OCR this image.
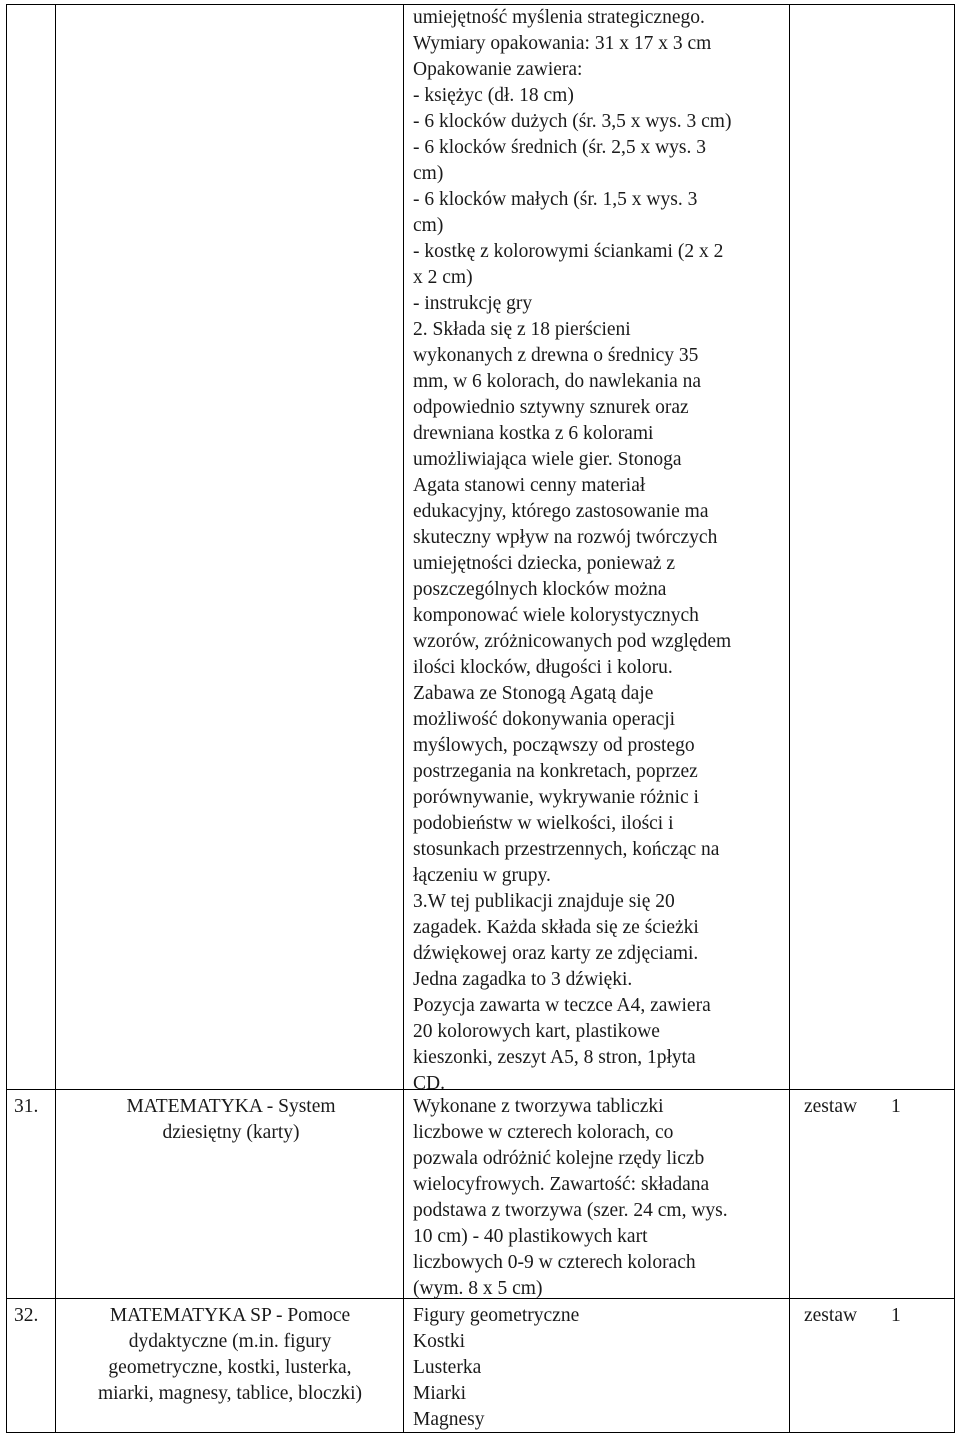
umiejętność myślenia strategicznego.
Wymiary opakowania: 31 x 17 x 3 cm
Opakowanie zawiera:
- księżyc (dł. 18 cm)
- 6 klocków dużych (śr. 3,5 x wys. 3 cm)
- 6 klocków średnich (śr. 2,5 x wys. 3
cm)
- 6 klocków małych (śr. 1,5 x wys. 3
cm)
- kostkę z kolorowymi ściankami (2 x 2
x 2 cm)
- instrukcję gry
2. Składa się z 18 pierścieni
wykonanych z drewna o średnicy 35
mm, w 6 kolorach, do nawlekania na
odpowiednio sztywny sznurek oraz
drewniana kostka z 6 kolorami
umożliwiająca wiele gier. Stonoga
Agata stanowi cenny materiał
edukacyjny, którego zastosowanie ma
skuteczny wpływ na rozwój twórczych
umiejętności dziecka, ponieważ z
poszczególnych klocków można
komponować wiele kolorystycznych
wzorów, zróżnicowanych pod względem
ilości klocków, długości i koloru.
Zabawa ze Stonogą Agatą daje
możliwość dokonywania operacji
myślowych, począwszy od prostego
postrzegania na konkretach, poprzez
porównywanie, wykrywanie różnic i
podobieństw w wielkości, ilości i
stosunkach przestrzennych, kończąc na
łączeniu w grupy.
3.W tej publikacji znajduje się 20
zagadek. Każda składa się ze ścieżki
dźwiękowej oraz karty ze zdjęciami.
Jedna zagadka to 3 dźwięki.
Pozycja zawarta w teczce A4, zawiera
20 kolorowych kart, plastikowe
kieszonki, zeszyt A5, 8 stron, 1płyta
CD.
31.	MATEMATYKA - System
dziesiętny (karty)
Wykonane z tworzywa tabliczki
liczbowe w czterech kolorach, co
pozwala odróżnić kolejne rzędy liczb
wielocyfrowych. Zawartość: składana
podstawa z tworzywa (szer. 24 cm, wys.
10 cm) - 40 plastikowych kart
liczbowych 0-9 w czterech kolorach
(wym. 8 x 5 cm)
zestaw 1
32.	MATEMATYKA SP - Pomoce
dydaktyczne (m.in. figury
geometryczne, kostki, lusterka,
miarki, magnesy, tablice, bloczki)
Figury geometryczne
Kostki
Lusterka
Miarki
Magnesy
zestaw 1
